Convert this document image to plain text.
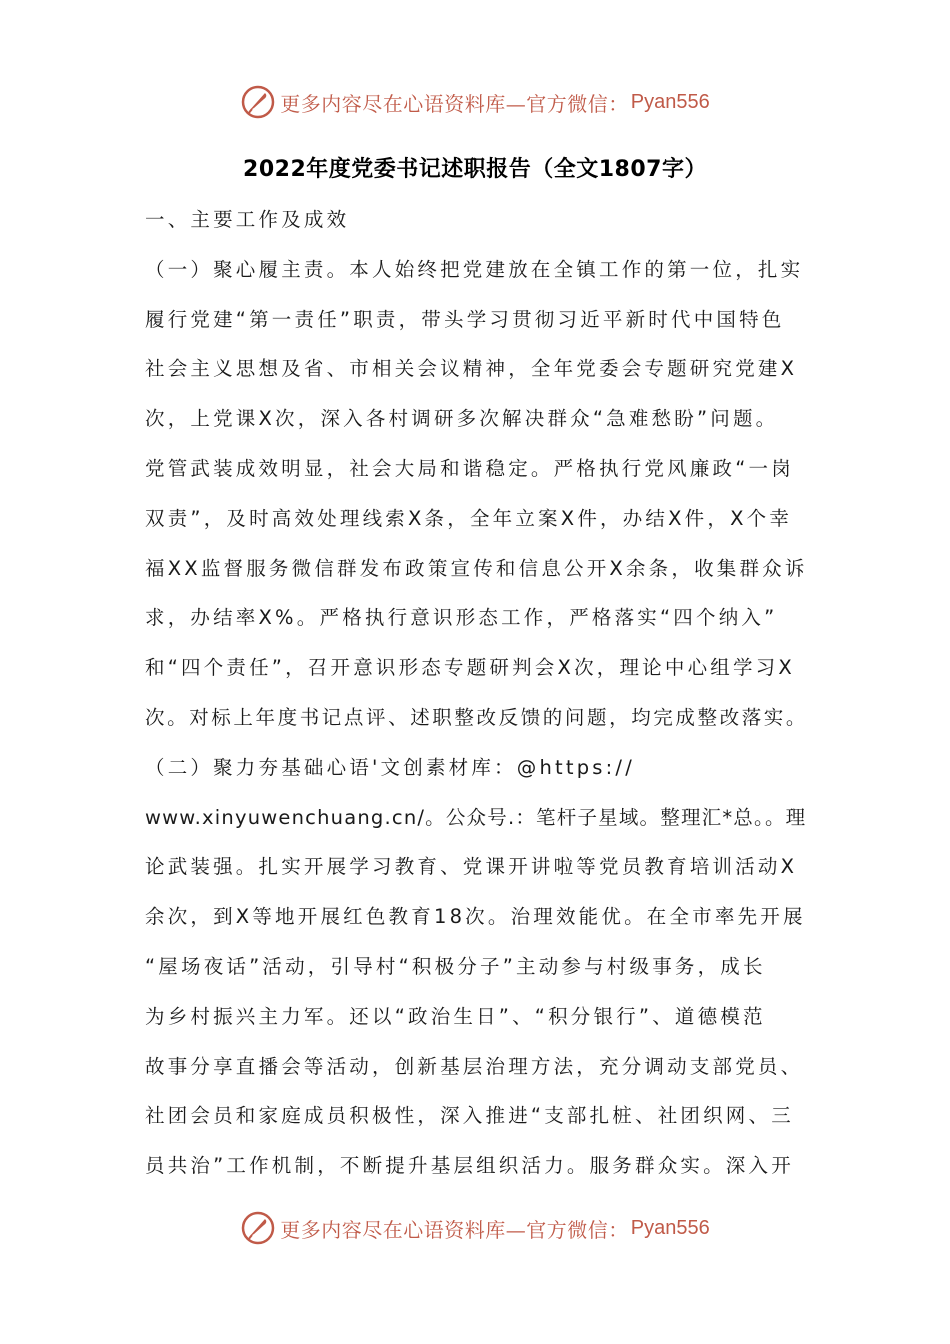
更多内容尽在心语资料库—官方微信： Pyan556
2022年度党委书记述职报告（全文1807字）
一、主要工作及成效
（一）聚心履主责。本人始终把党建放在全镇工作的第一位，扎实
履行党建“第一责任”职责，带头学习贯彻习近平新时代中国特色
社会主义思想及省、市相关会议精神，全年党委会专题研究党建X
次，上党课X次，深入各村调研多次解决群众“急难愁盼”问题。
党管武装成效明显，社会大局和谐稳定。严格执行党风廉政“一岗
双责”，及时高效处理线索X条，全年立案X件，办结X件，X个幸
福XX监督服务微信群发布政策宣传和信息公开X余条，收集群众诉
求，办结率X%。严格执行意识形态工作，严格落实“四个纳入”
和“四个责任”，召开意识形态专题研判会X次，理论中心组学习X
次。对标上年度书记点评、述职整改反馈的问题，均完成整改落实。
（二）聚力夯基础心语'文创素材库：@https://
www.xinyuwenchuang.cn/。公众号.：笔杆子星域。整理汇*总。。理
论武装强。扎实开展学习教育、党课开讲啦等党员教育培训活动X
余次，到X等地开展红色教育18次。治理效能优。在全市率先开展
“屋场夜话”活动，引导村“积极分子”主动参与村级事务，成长
为乡村振兴主力军。还以“政治生日”、“积分银行”、道德模范
故事分享直播会等活动，创新基层治理方法，充分调动支部党员、
社团会员和家庭成员积极性，深入推进“支部扎桩、社团织网、三
员共治”工作机制，不断提升基层组织活力。服务群众实。深入开
更多内容尽在心语资料库—官方微信： Pyan556
